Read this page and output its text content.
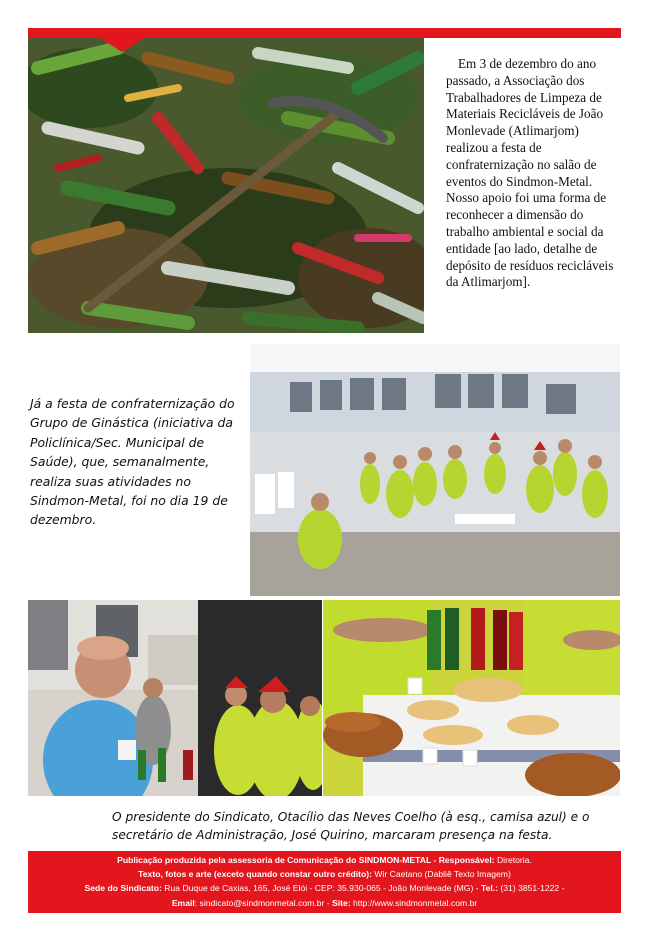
Em 3 de dezembro do ano passado, a Associação dos Trabalhadores de Limpeza de Materiais Recicláveis de João Monlevade (Atlimarjom) realizou a festa de confraternização no salão de eventos do Sindmon-Metal. Nosso apoio foi uma forma de reconhecer a dimensão do trabalho ambiental e social da entidade [ao lado, detalhe de depósito de resíduos recicláveis da Atlimarjom].
Já a festa de confraternização do Grupo de Ginástica (iniciativa da Policlínica/Sec. Municipal de Saúde), que, semanalmente, realiza suas atividades no Sindmon-Metal, foi no dia 19 de dezembro.
O presidente do Sindicato, Otacílio das Neves Coelho (à esq., camisa azul) e o secretário de Administração, José Quirino, marcaram presença na festa.
Publicação produzida pela assessoria de Comunicação do SINDMON-METAL - Responsável: Diretoria.
Texto, fotos e arte (exceto quando constar outro crédito): Wir Caetano (Dabliê Texto Imagem)
Sede do Sindicato: Rua Duque de Caxias, 165, José Elói - CEP: 35.930-065 - João Monlevade (MG) - Tel.: (31) 3851-1222 -
Email: sindicato@sindmonmetal.com.br - Site: http://www.sindmonmetal.com.br
